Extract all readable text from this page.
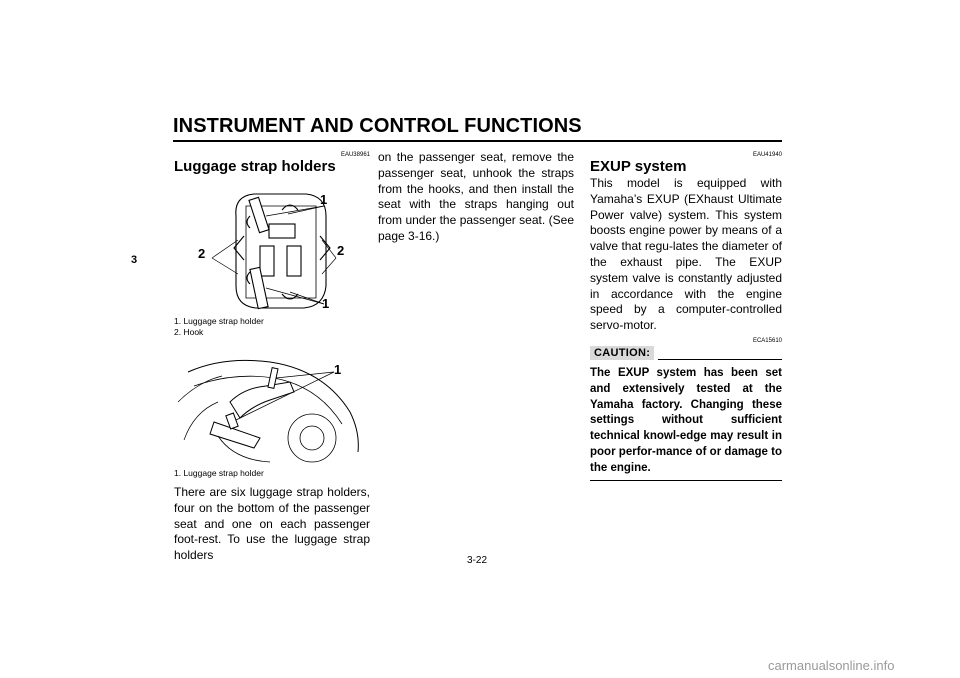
INSTRUMENT AND CONTROL FUNCTIONS
3
EAU38961
Luggage strap holders
1
1
2	2
1. Luggage strap holder
2. Hook
1
1. Luggage strap holder

There are six luggage strap holders, four on the bottom of the passenger seat and one on each passenger foot-rest. To use the luggage strap holders

on the passenger seat, remove the passenger seat, unhook the straps from the hooks, and then install the seat with the straps hanging out from under the passenger seat. (See page 3-16.)

EAU41940
EXUP system

This model is equipped with Yamaha’s EXUP (EXhaust Ultimate Power valve) system. This system boosts engine power by means of a valve that regu-lates the diameter of the exhaust pipe. The EXUP system valve is constantly adjusted in accordance with the engine speed by a computer-controlled servo-motor.

ECA15610
CAUTION:

The EXUP system has been set and extensively tested at the Yamaha factory. Changing these settings without sufficient technical knowl-edge may result in poor perfor-mance of or damage to the engine.

3-22
carmanualsonline.info
